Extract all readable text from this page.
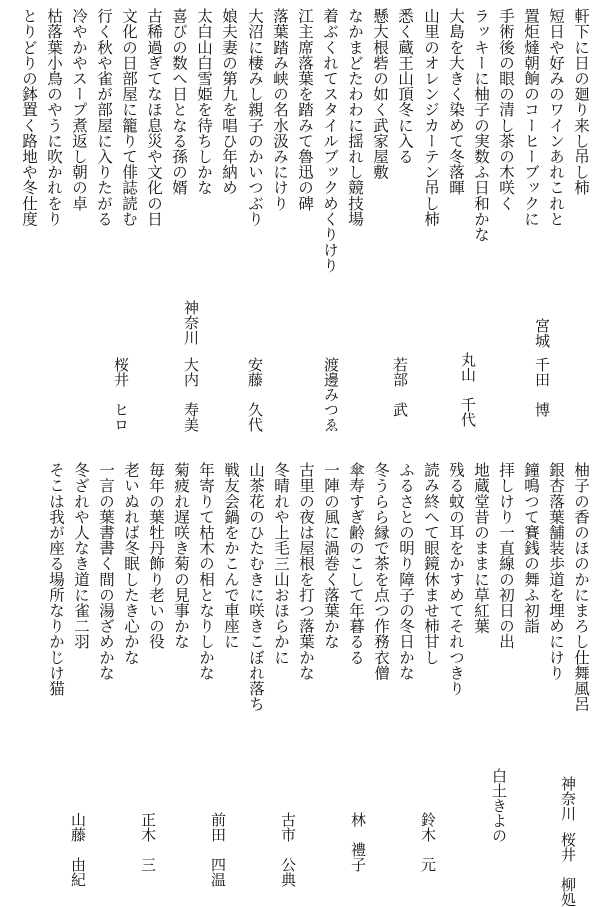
軒下に日の廻り来し吊し柿
短日や好みのワインあれこれと
置炬燵朝餉のコーヒーブックに
手術後の眼の清し茶の木咲く
ラッキーに柚子の実数ふ日和かな
大島を大きく染めて冬落暉
山里のオレンジカーテン吊し柿
悉く蔵王山頂冬に入る
懸大根砦の如く武家屋敷
なかまどたわわに揺れし競技場
着ぶくれてスタイルブックめくりけり
江主席落葉を踏みて魯迅の碑
落葉踏み峡の名水汲みにけり
大沼に棲みし親子のかいつぶり
娘夫妻の第九を唱ひ年納め
太白山白雪姫を待ちしかな
喜びの数へ日となる孫の婿
古稀過ぎてなほ息災や文化の日
文化の日部屋に籠りて俳誌読む
行く秋や雀が部屋に入りたがる
冷やかやスープ煮返し朝の卓
枯落葉小鳥のやうに吹かれをり
とりどりの鉢置く路地や冬仕度
宮城
千田　博
丸山　千代
若部　武
渡邊みつゑ
安藤　久代
神奈川
大内　寿美
桜井　ヒロ
柚子の香のほのかにまろし仕舞風呂
銀杏落葉舗装歩道を埋めにけり
鐘鳴つて賽銭の舞ふ初詣
拝しけり一直線の初日の出
地蔵堂昔のままに草紅葉
残る蚊の耳をかすめてそれつきり
読み終へて眼鏡休ませ柿甘し
ふるさとの明り障子の冬日かな
冬うらら縁で茶を点つ作務衣僧
傘寿すぎ齢のこして年暮るる
一陣の風に渦巻く落葉かな
古里の夜は屋根を打つ落葉かな
冬晴れや上毛三山おほらかに
山茶花のひたむきに咲きこぼれ落ち
戦友会鍋をかこんで車座に
年寄りて枯木の相となりしかな
菊疲れ遅咲き菊の見事かな
毎年の葉牡丹飾り老いの役
老いぬれば冬眠したき心かな
一言の葉書書く間の湯ざめかな
冬ざれや人なき道に雀二羽
そこは我が座る場所なりかじけ猫
神奈川
桜井　柳処
白土きよの
鈴木　元
林　禮子
古市　公典
前田　四温
正木　三
山藤　由紀
